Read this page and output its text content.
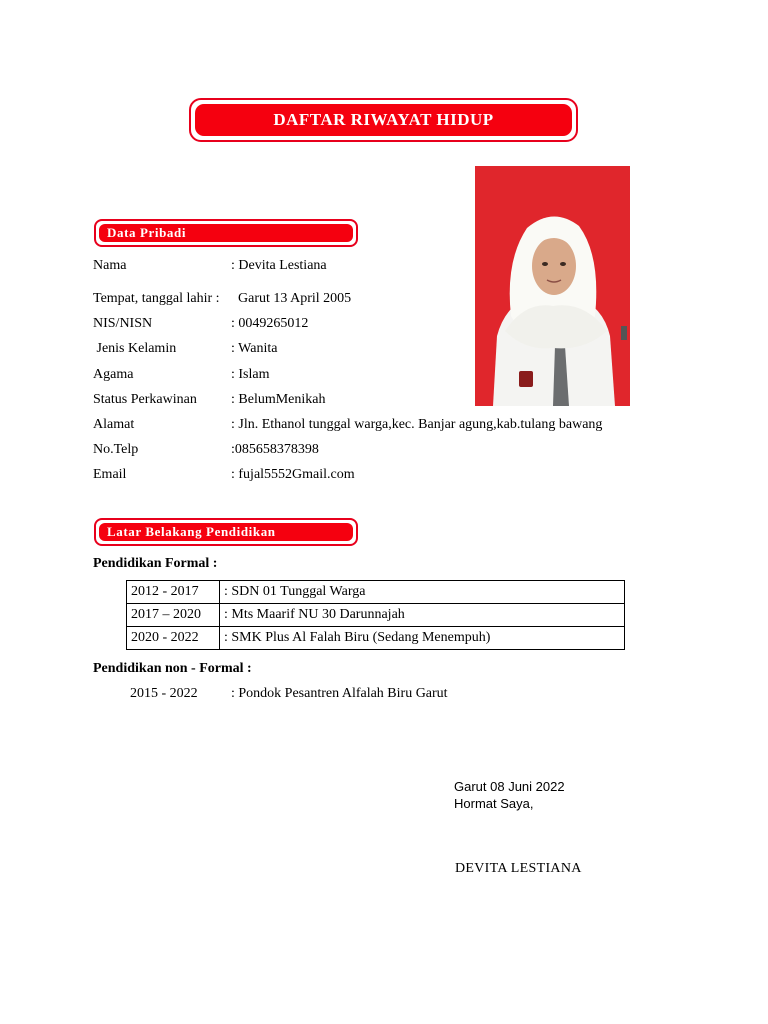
DAFTAR RIWAYAT HIDUP
Data Pribadi
Nama	: Devita Lestiana
Tempat, tanggal lahir : Garut 13 April 2005
NIS/NISN	: 0049265012
Jenis Kelamin	: Wanita
Agama	: Islam
Status Perkawinan : BelumMenikah
Alamat	: Jln. Ethanol tunggal warga,kec. Banjar agung,kab.tulang bawang
No.Telp	:085658378398
Email	: fujal5552Gmail.com
Latar Belakang Pendidikan
Pendidikan Formal :
2012 - 2017	: SDN 01 Tunggal Warga
2017 – 2020	: Mts Maarif NU 30 Darunnajah
2020 - 2022	: SMK Plus Al Falah Biru (Sedang Menempuh)
Pendidikan non - Formal :
2015 - 2022 : Pondok Pesantren Alfalah Biru Garut
Garut 08 Juni 2022
Hormat Saya,
DEVITA LESTIANA
